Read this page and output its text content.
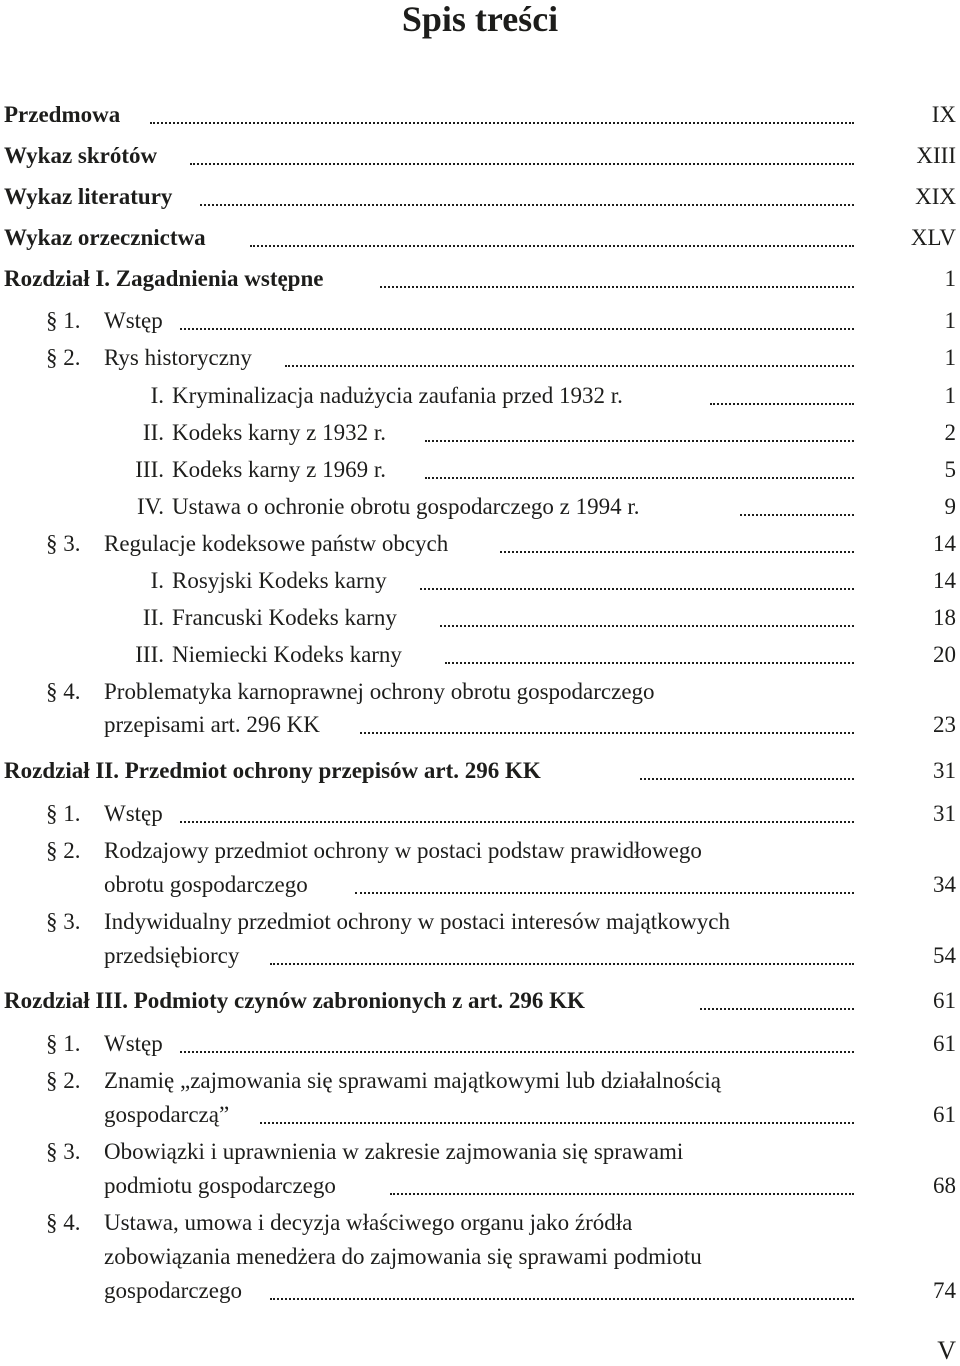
Spis treści
Przedmowa	IX
Wykaz skrótów	XIII
Wykaz literatury	XIX
Wykaz orzecznictwa	XLV
Rozdział I. Zagadnienia wstępne	1
§ 1. Wstęp	1
§ 2. Rys historyczny	1
I. Kryminalizacja nadużycia zaufania przed 1932 r.	1
II. Kodeks karny z 1932 r.	2
III. Kodeks karny z 1969 r.	5
IV. Ustawa o ochronie obrotu gospodarczego z 1994 r.	9
§ 3. Regulacje kodeksowe państw obcych	14
I. Rosyjski Kodeks karny	14
II. Francuski Kodeks karny	18
III. Niemiecki Kodeks karny	20
§ 4. Problematyka karnoprawnej ochrony obrotu gospodarczego
przepisami art. 296 KK	23
Rozdział II. Przedmiot ochrony przepisów art. 296 KK	31
§ 1. Wstęp	31
§ 2. Rodzajowy przedmiot ochrony w postaci podstaw prawidłowego
obrotu gospodarczego	34
§ 3. Indywidualny przedmiot ochrony w postaci interesów majątkowych
przedsiębiorcy	54
Rozdział III. Podmioty czynów zabronionych z art. 296 KK	61
§ 1. Wstęp	61
§ 2. Znamię „zajmowania się sprawami majątkowymi lub działalnością
gospodarczą”	61
§ 3. Obowiązki i uprawnienia w zakresie zajmowania się sprawami
podmiotu gospodarczego	68
§ 4. Ustawa, umowa i decyzja właściwego organu jako źródła
zobowiązania menedżera do zajmowania się sprawami podmiotu
gospodarczego	74
V
